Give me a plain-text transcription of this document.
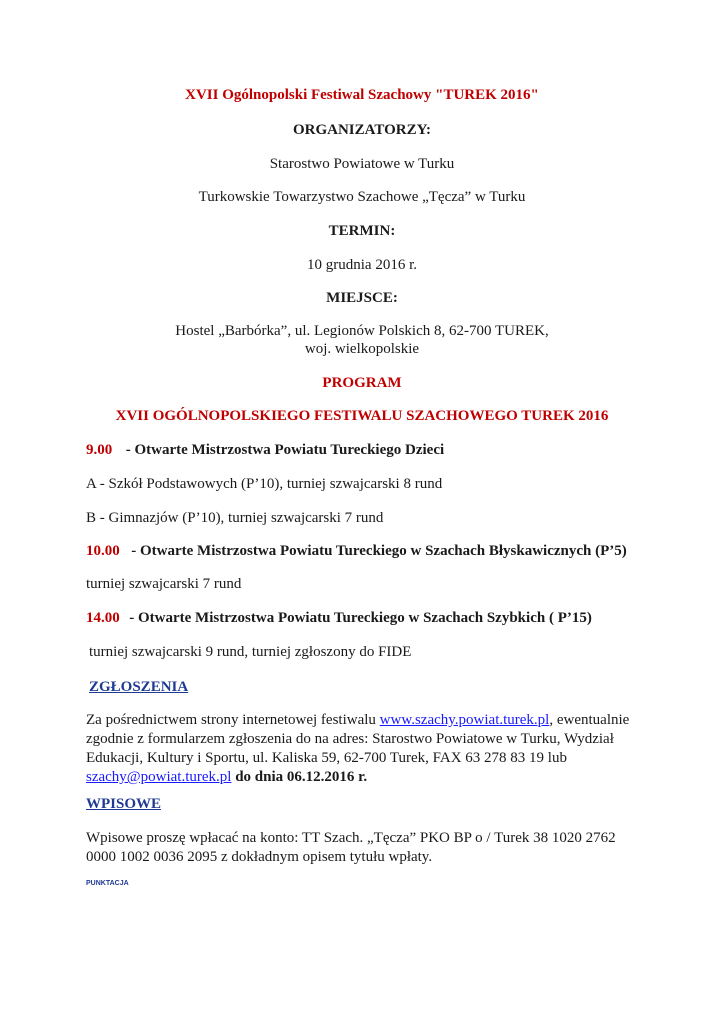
XVII Ogólnopolski Festiwal Szachowy "TUREK 2016"

ORGANIZATORZY:

Starostwo Powiatowe w Turku

Turkowskie Towarzystwo Szachowe „Tęcza” w Turku

TERMIN:

10 grudnia 2016 r.

MIEJSCE:

Hostel „Barbórka”, ul. Legionów Polskich 8, 62-700 TUREK,

woj. wielkopolskie

PROGRAM

XVII OGÓLNOPOLSKIEGO FESTIWALU SZACHOWEGO TUREK 2016

9.00 - Otwarte Mistrzostwa Powiatu Tureckiego Dzieci

A - Szkół Podstawowych (P’10), turniej szwajcarski 8 rund

B - Gimnazjów (P’10), turniej szwajcarski 7 rund

10.00 - Otwarte Mistrzostwa Powiatu Tureckiego w Szachach Błyskawicznych (P’5)

turniej szwajcarski 7 rund

14.00 - Otwarte Mistrzostwa Powiatu Tureckiego w Szachach Szybkich ( P’15)

turniej szwajcarski 9 rund, turniej zgłoszony do FIDE

ZGŁOSZENIA

Za pośrednictwem strony internetowej festiwalu www.szachy.powiat.turek.pl, ewentualnie zgodnie z formularzem zgłoszenia do na adres: Starostwo Powiatowe w Turku, Wydział Edukacji, Kultury i Sportu, ul. Kaliska 59, 62-700 Turek, FAX 63 278 83 19 lub szachy@powiat.turek.pl do dnia 06.12.2016 r.

WPISOWE

Wpisowe proszę wpłacać na konto: TT Szach. „Tęcza” PKO BP o / Turek 38 1020 2762 0000 1002 0036 2095 z dokładnym opisem tytułu wpłaty.

PUNKTACJA
